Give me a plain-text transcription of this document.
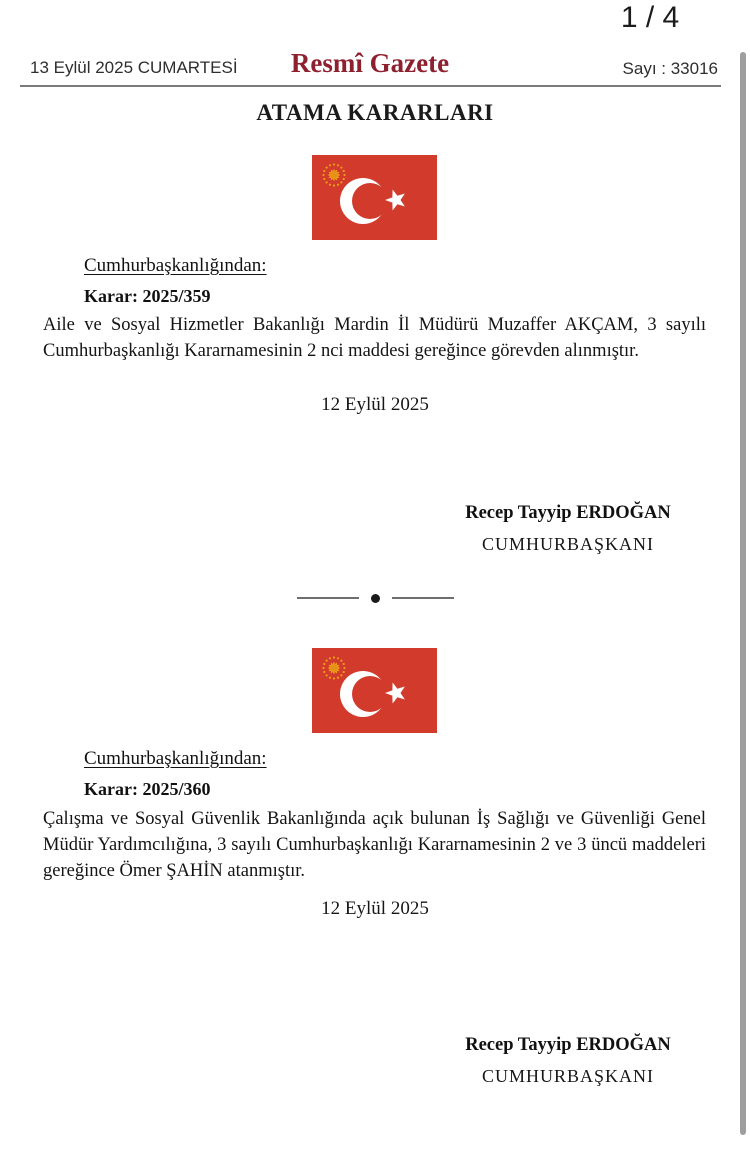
1 / 4
13 Eylül 2025 CUMARTESİ	Resmî Gazete	Sayı : 33016
ATAMA KARARLARI
Cumhurbaşkanlığından:
Karar: 2025/359
Aile ve Sosyal Hizmetler Bakanlığı Mardin İl Müdürü Muzaffer AKÇAM, 3 sayılı Cumhurbaşkanlığı Kararnamesinin 2 nci maddesi gereğince görevden alınmıştır.
12 Eylül 2025
Recep Tayyip ERDOĞAN
CUMHURBAŞKANI
Cumhurbaşkanlığından:
Karar: 2025/360
Çalışma ve Sosyal Güvenlik Bakanlığında açık bulunan İş Sağlığı ve Güvenliği Genel Müdür Yardımcılığına, 3 sayılı Cumhurbaşkanlığı Kararnamesinin 2 ve 3 üncü maddeleri gereğince Ömer ŞAHİN atanmıştır.
12 Eylül 2025
Recep Tayyip ERDOĞAN
CUMHURBAŞKANI
